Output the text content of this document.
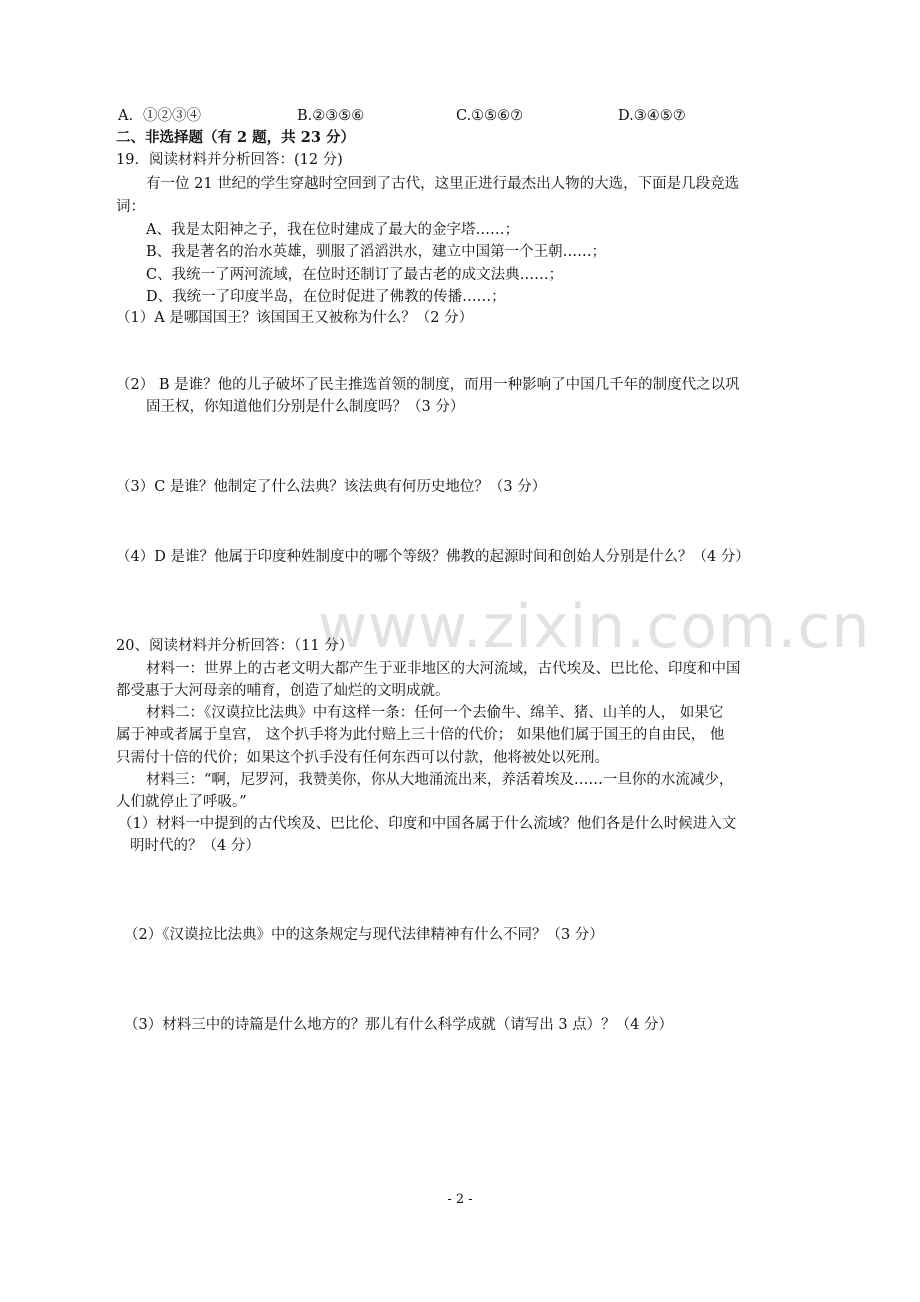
www.zixin.com.cn
A．①②③④	B.②③⑤⑥	C.①⑤⑥⑦	D.③④⑤⑦
二、非选择题（有 2 题，共 23 分）
19．阅读材料并分析回答：(12 分)
有一位 21 世纪的学生穿越时空回到了古代，这里正进行最杰出人物的大选，下面是几段竞选
词：
A、我是太阳神之子，我在位时建成了最大的金字塔……；
B、我是著名的治水英雄，驯服了滔滔洪水，建立中国第一个王朝……；
C、我统一了两河流域，在位时还制订了最古老的成文法典……；
D、我统一了印度半岛，在位时促进了佛教的传播……；
（1）A 是哪国国王？该国国王又被称为什么？（2 分）
（2） B 是谁？他的儿子破坏了民主推选首领的制度，而用一种影响了中国几千年的制度代之以巩
固王权，你知道他们分别是什么制度吗？（3 分）
（3）C 是谁？他制定了什么法典？该法典有何历史地位？（3 分）
（4）D 是谁？他属于印度种姓制度中的哪个等级？佛教的起源时间和创始人分别是什么？（4 分）
20、阅读材料并分析回答：（11 分）
材料一：世界上的古老文明大都产生于亚非地区的大河流域，古代埃及、巴比伦、印度和中国
都受惠于大河母亲的哺育，创造了灿烂的文明成就。
材料二：《汉谟拉比法典》中有这样一条：任何一个去偷牛、绵羊、猪、山羊的人， 如果它
属于神或者属于皇宫， 这个扒手将为此付赔上三十倍的代价； 如果他们属于国王的自由民， 他
只需付十倍的代价；如果这个扒手没有任何东西可以付款，他将被处以死刑。
材料三：“啊，尼罗河，我赞美你，你从大地涌流出来，养活着埃及……一旦你的水流减少，
人们就停止了呼吸。”
（1）材料一中提到的古代埃及、巴比伦、印度和中国各属于什么流域？他们各是什么时候进入文
明时代的？（4 分）
（2）《汉谟拉比法典》中的这条规定与现代法律精神有什么不同？（3 分）
（3）材料三中的诗篇是什么地方的？那儿有什么科学成就（请写出 3 点）？（4 分）
- 2 -
